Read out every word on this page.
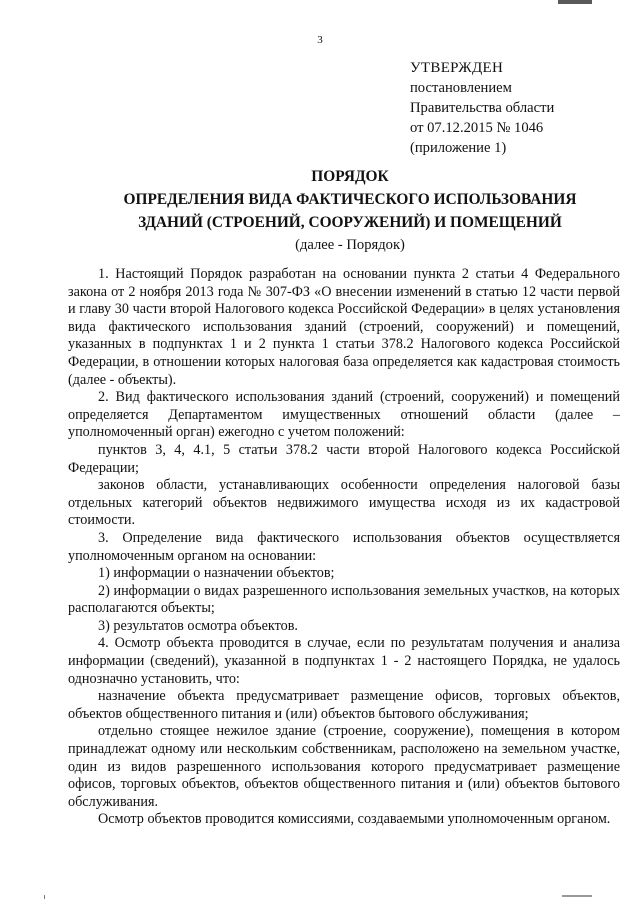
3
УТВЕРЖДЕН
постановлением
Правительства области
от 07.12.2015 № 1046
(приложение 1)
ПОРЯДОК
ОПРЕДЕЛЕНИЯ ВИДА ФАКТИЧЕСКОГО ИСПОЛЬЗОВАНИЯ
ЗДАНИЙ (СТРОЕНИЙ, СООРУЖЕНИЙ) И ПОМЕЩЕНИЙ
(далее - Порядок)

1. Настоящий Порядок разработан на основании пункта 2 статьи 4 Федерального закона от 2 ноября 2013 года № 307-ФЗ «О внесении изменений в статью 12 части первой и главу 30 части второй Налогового кодекса Российской Федерации» в целях установления вида фактического использования зданий (строений, сооружений) и помещений, указанных в подпунктах 1 и 2 пункта 1 статьи 378.2 Налогового кодекса Российской Федерации, в отношении которых налоговая база определяется как кадастровая стоимость (далее - объекты).

2. Вид фактического использования зданий (строений, сооружений) и помещений определяется Департаментом имущественных отношений области (далее – уполномоченный орган) ежегодно с учетом положений:

пунктов 3, 4, 4.1, 5 статьи 378.2 части второй Налогового кодекса Российской Федерации;

законов области, устанавливающих особенности определения налоговой базы отдельных категорий объектов недвижимого имущества исходя из их кадастровой стоимости.

3. Определение вида фактического использования объектов осуществляется уполномоченным органом на основании:

1) информации о назначении объектов;

2) информации о видах разрешенного использования земельных участков, на которых располагаются объекты;

3) результатов осмотра объектов.

4. Осмотр объекта проводится в случае, если по результатам получения и анализа информации (сведений), указанной в подпунктах 1 - 2 настоящего Порядка, не удалось однозначно установить, что:

назначение объекта предусматривает размещение офисов, торговых объектов, объектов общественного питания и (или) объектов бытового обслуживания;

отдельно стоящее нежилое здание (строение, сооружение), помещения в котором принадлежат одному или нескольким собственникам, расположено на земельном участке, один из видов разрешенного использования которого предусматривает размещение офисов, торговых объектов, объектов общественного питания и (или) объектов бытового обслуживания.

Осмотр объектов проводится комиссиями, создаваемыми уполномоченным органом.
